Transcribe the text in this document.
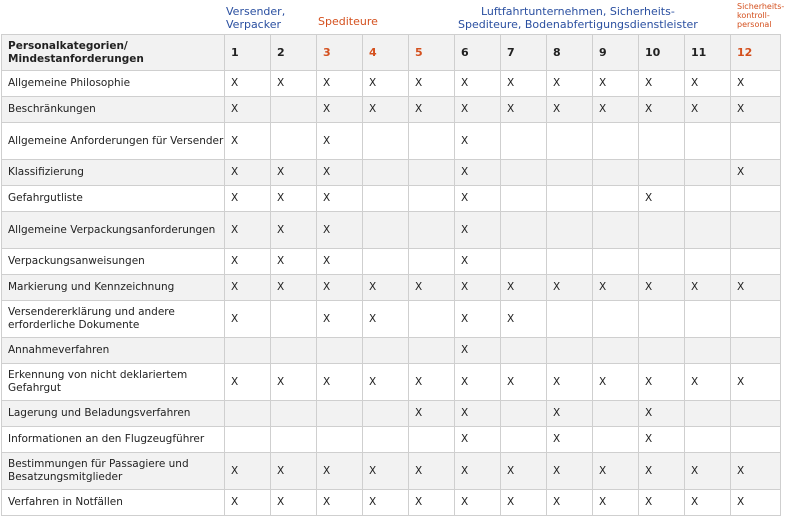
Versender,
Verpacker	Spediteure
Luftfahrtunternehmen, Sicherheits-
Spediteure, Bodenabfertigungsdienstleister
Sicherheits-
kontroll-
personal
Personalkategorien/
Mindestanforderungen	1	2	3	4	5	6	7	8	9	10	11	12
Allgemeine Philosophie	X	X	X	X	X	X	X	X	X	X	X	X
Beschränkungen	X		X	X	X	X	X	X	X	X	X	X
Allgemeine Anforderungen für Versender	X		X			X						
Klassifizierung	X	X	X			X						X
Gefahrgutliste	X	X	X			X				X		
Allgemeine Verpackungsanforderungen	X	X	X			X						
Verpackungsanweisungen	X	X	X			X						
Markierung und Kennzeichnung	X	X	X	X	X	X	X	X	X	X	X	X
Versendererklärung und andere erforderliche Dokumente	X		X	X		X	X					
Annahmeverfahren						X						
Erkennung von nicht deklariertem Gefahrgut	X	X	X	X	X	X	X	X	X	X	X	X
Lagerung und Beladungsverfahren					X	X		X		X		
Informationen an den Flugzeugführer						X		X		X		
Bestimmungen für Passagiere und Besatzungsmitglieder	X	X	X	X	X	X	X	X	X	X	X	X
Verfahren in Notfällen	X	X	X	X	X	X	X	X	X	X	X	X
